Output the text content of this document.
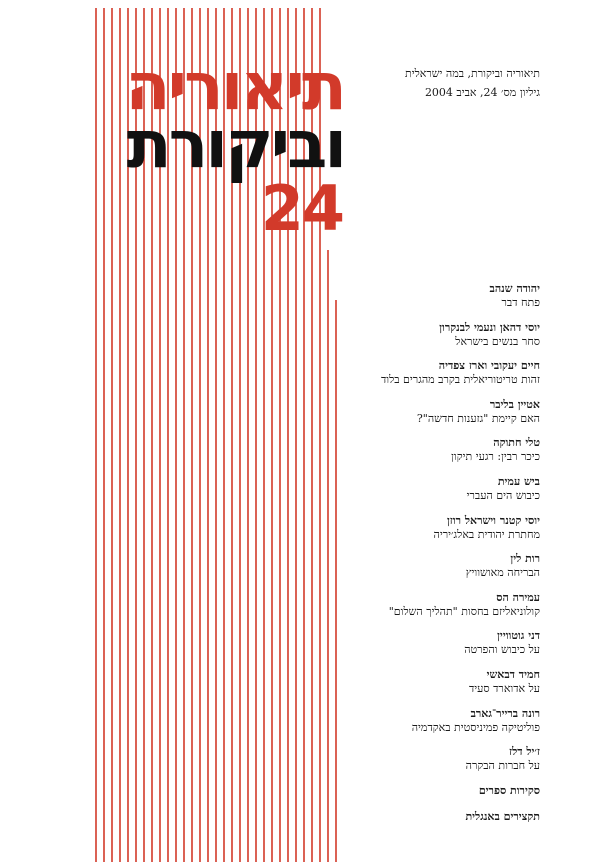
תיאוריה
וביקורת
24
תיאוריה וביקורת, במה ישראלית
גיליון מס׳ 24, אביב 2004
יהודה שנהב
פתח דבר
יוסי דהאן ונעמי לבנקרון
סחר בנשים בישראל
חיים יעקובי וארז צפדיה
זהות טריטוריאלית בקרב מהגרים בלוד
אטיין בליבר
האם קיימת "גזענות חדשה"?
טלי חתוקה
כיכר רבין: רגעי תיקון
ביש עמית
כיבוש הים העברי
יוסי קטנר וישראל רוזן
מחתרת יהודית באלג׳יריה
רות לין
הבריחה מאושוויץ
עמירה הס
קולוניאליזם בחסות "תהליך השלום"
דני גוטוויין
על כיבוש והפרטה
חמיד דבאשי
על אדוארד סעיד
רונה ברייר־גארב
פוליטיקה פמיניסטית באקדמיה
ז׳יל דלז
על חברות הבקרה
סקירות ספרים
תקצירים באנגלית
